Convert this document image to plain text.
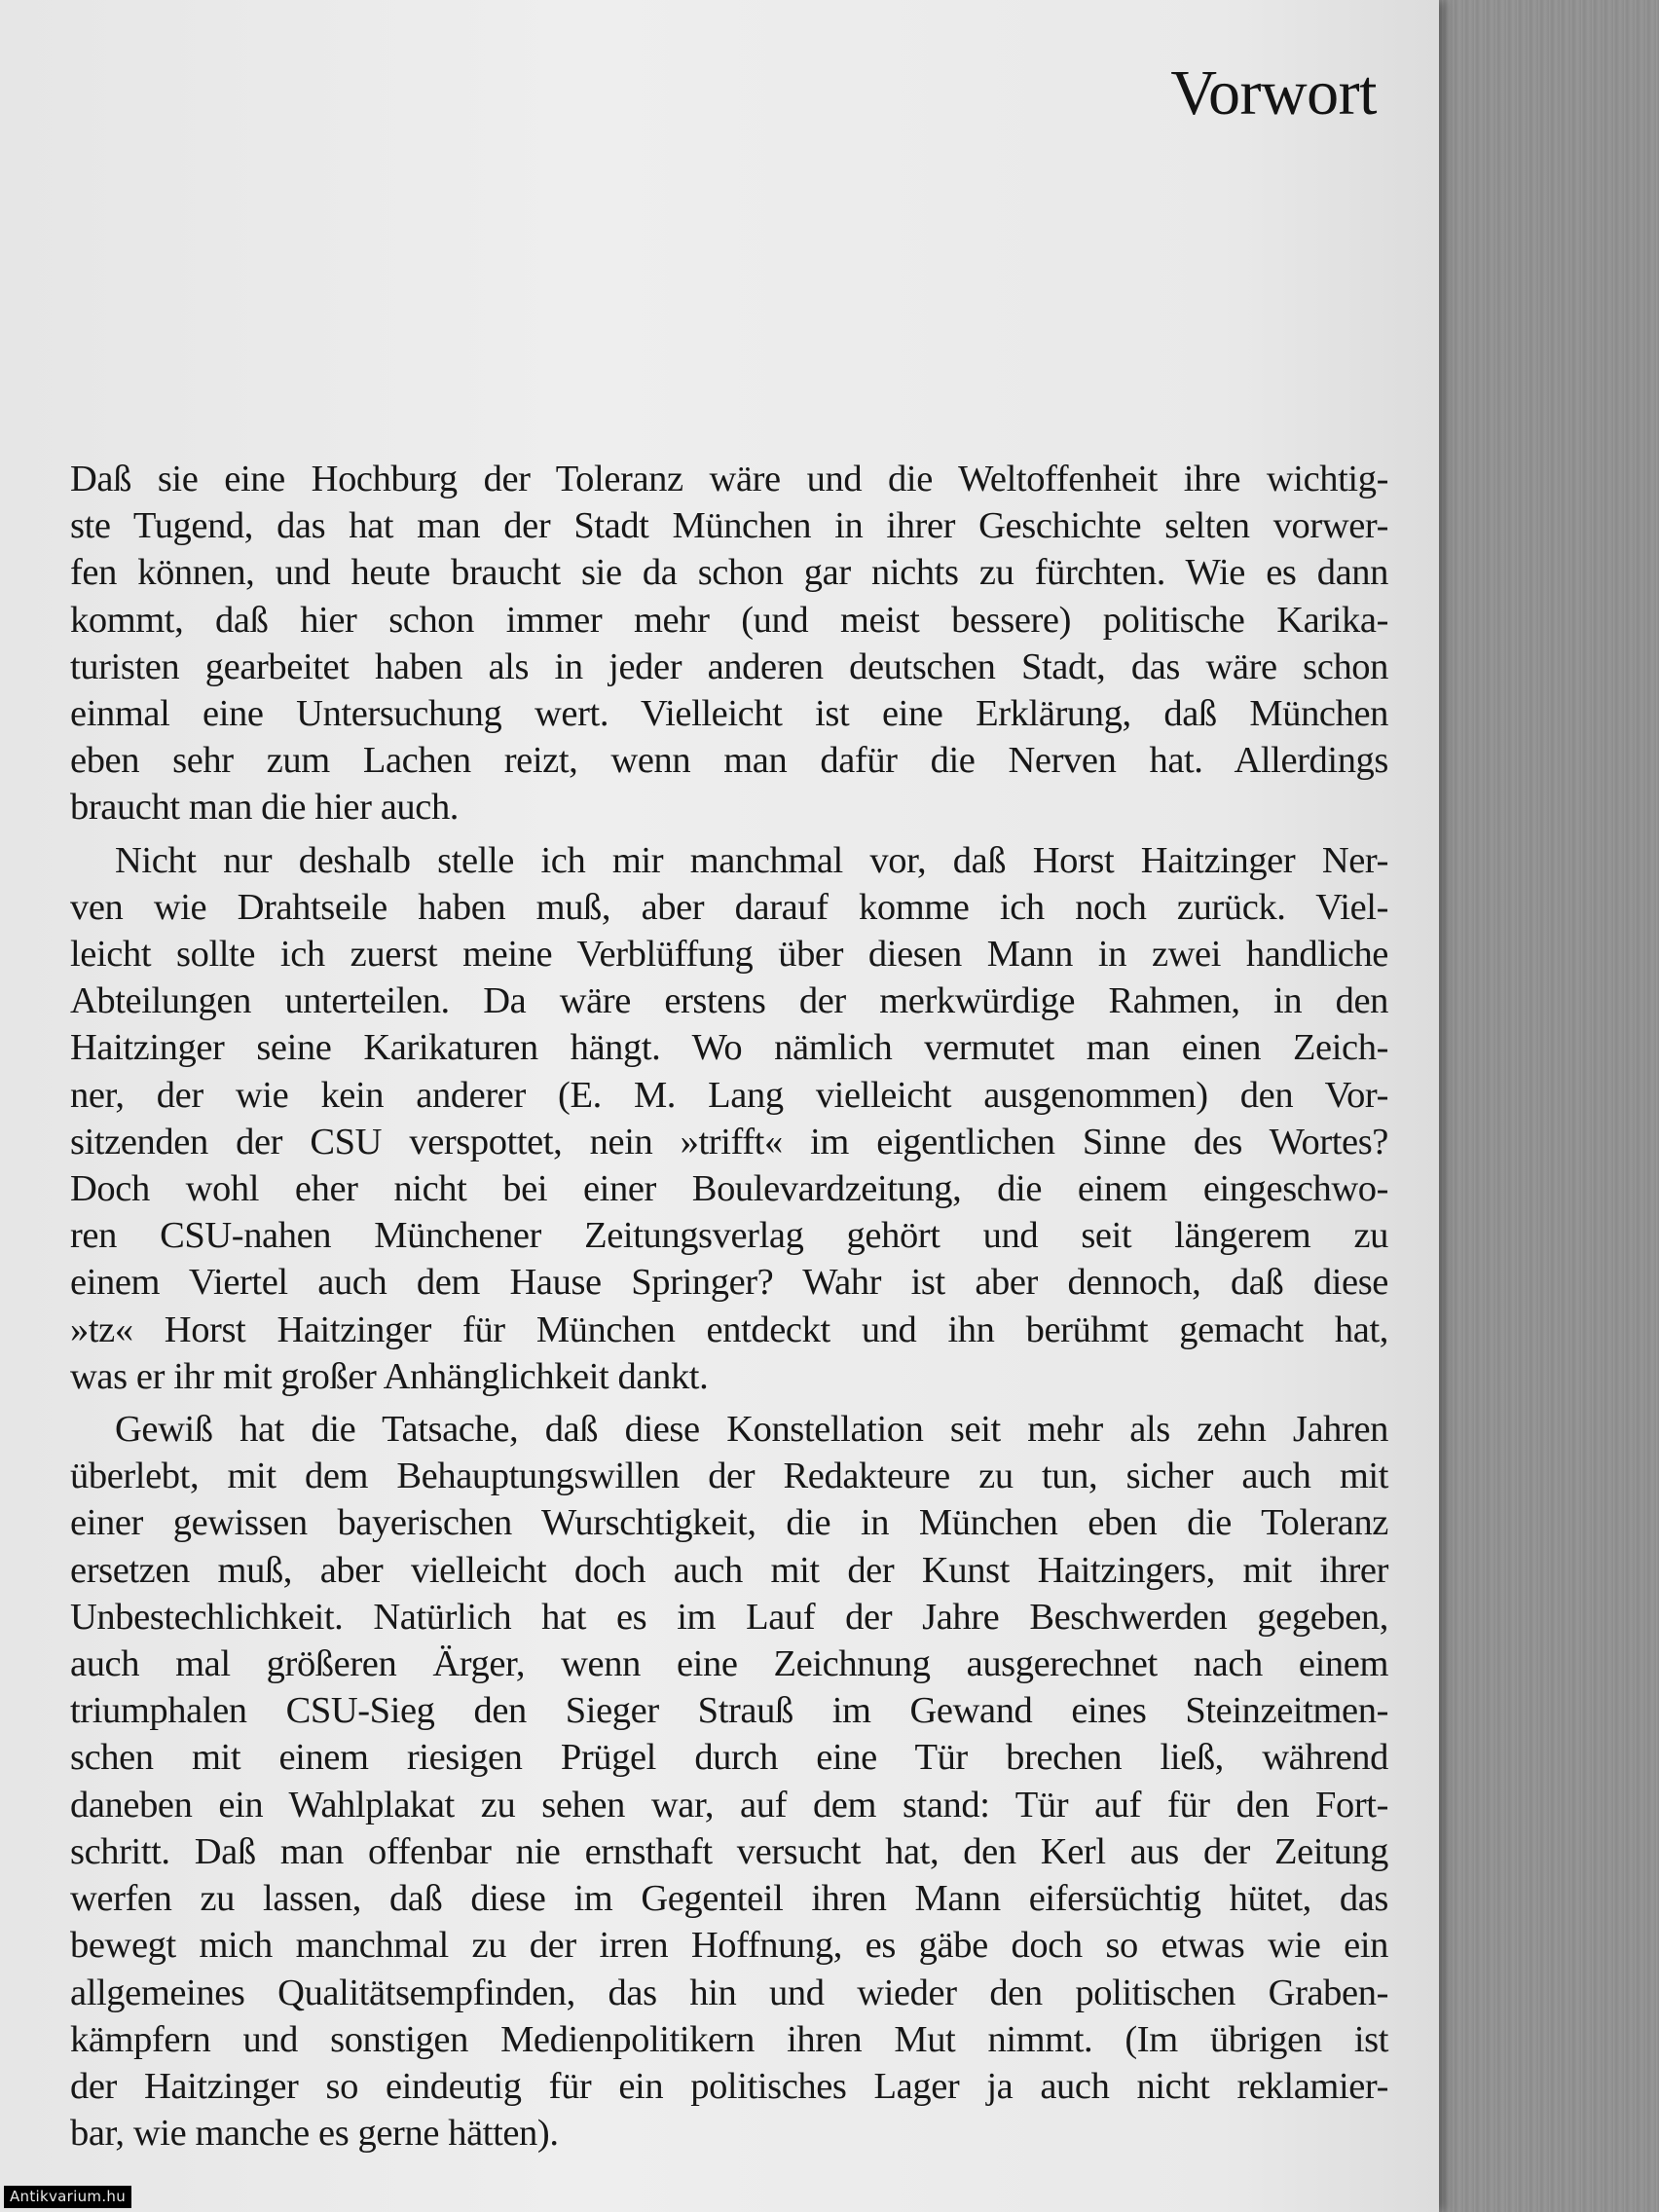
Vorwort

Daß sie eine Hochburg der Toleranz wäre und die Weltoffenheit ihre wichtig-
ste Tugend, das hat man der Stadt München in ihrer Geschichte selten vorwer-
fen können, und heute braucht sie da schon gar nichts zu fürchten. Wie es dann
kommt, daß hier schon immer mehr (und meist bessere) politische Karika-
turisten gearbeitet haben als in jeder anderen deutschen Stadt, das wäre schon
einmal eine Untersuchung wert. Vielleicht ist eine Erklärung, daß München
eben sehr zum Lachen reizt, wenn man dafür die Nerven hat. Allerdings
braucht man die hier auch.

Nicht nur deshalb stelle ich mir manchmal vor, daß Horst Haitzinger Ner-
ven wie Drahtseile haben muß, aber darauf komme ich noch zurück. Viel-
leicht sollte ich zuerst meine Verblüffung über diesen Mann in zwei handliche
Abteilungen unterteilen. Da wäre erstens der merkwürdige Rahmen, in den
Haitzinger seine Karikaturen hängt. Wo nämlich vermutet man einen Zeich-
ner, der wie kein anderer (E. M. Lang vielleicht ausgenommen) den Vor-
sitzenden der CSU verspottet, nein »trifft« im eigentlichen Sinne des Wortes?
Doch wohl eher nicht bei einer Boulevardzeitung, die einem eingeschwo-
ren CSU-nahen Münchener Zeitungsverlag gehört und seit längerem zu
einem Viertel auch dem Hause Springer? Wahr ist aber dennoch, daß diese
»tz« Horst Haitzinger für München entdeckt und ihn berühmt gemacht hat,
was er ihr mit großer Anhänglichkeit dankt.

Gewiß hat die Tatsache, daß diese Konstellation seit mehr als zehn Jahren
überlebt, mit dem Behauptungswillen der Redakteure zu tun, sicher auch mit
einer gewissen bayerischen Wurschtigkeit, die in München eben die Toleranz
ersetzen muß, aber vielleicht doch auch mit der Kunst Haitzingers, mit ihrer
Unbestechlichkeit. Natürlich hat es im Lauf der Jahre Beschwerden gegeben,
auch mal größeren Ärger, wenn eine Zeichnung ausgerechnet nach einem
triumphalen CSU-Sieg den Sieger Strauß im Gewand eines Steinzeitmen-
schen mit einem riesigen Prügel durch eine Tür brechen ließ, während
daneben ein Wahlplakat zu sehen war, auf dem stand: Tür auf für den Fort-
schritt. Daß man offenbar nie ernsthaft versucht hat, den Kerl aus der Zeitung
werfen zu lassen, daß diese im Gegenteil ihren Mann eifersüchtig hütet, das
bewegt mich manchmal zu der irren Hoffnung, es gäbe doch so etwas wie ein
allgemeines Qualitätsempfinden, das hin und wieder den politischen Graben-
kämpfern und sonstigen Medienpolitikern ihren Mut nimmt. (Im übrigen ist
der Haitzinger so eindeutig für ein politisches Lager ja auch nicht reklamier-
bar, wie manche es gerne hätten).

Antikvarium.hu
